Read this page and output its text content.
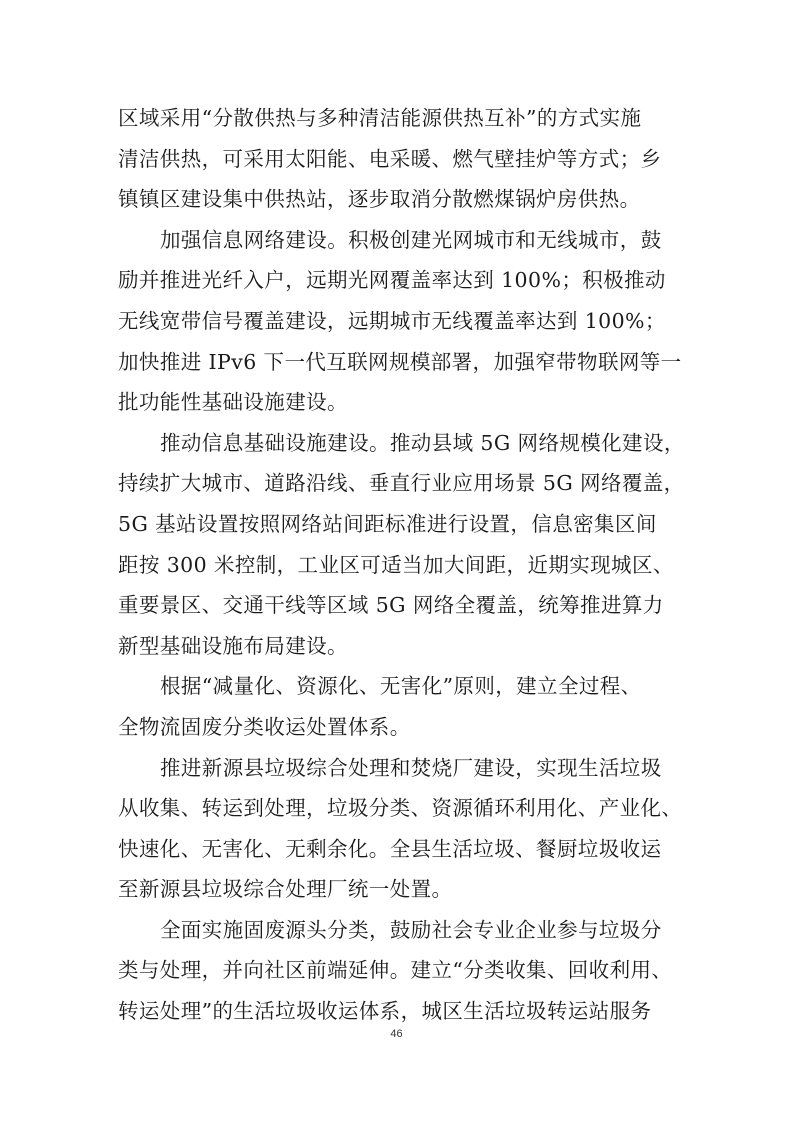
区域采用“分散供热与多种清洁能源供热互补”的方式实施
清洁供热，可采用太阳能、电采暖、燃气壁挂炉等方式；乡
镇镇区建设集中供热站，逐步取消分散燃煤锅炉房供热。

加强信息网络建设。积极创建光网城市和无线城市，鼓
励并推进光纤入户，远期光网覆盖率达到 100%；积极推动
无线宽带信号覆盖建设，远期城市无线覆盖率达到 100%；
加快推进 IPv6 下一代互联网规模部署，加强窄带物联网等一
批功能性基础设施建设。

推动信息基础设施建设。推动县域 5G 网络规模化建设，
持续扩大城市、道路沿线、垂直行业应用场景 5G 网络覆盖，
5G 基站设置按照网络站间距标准进行设置，信息密集区间
距按 300 米控制，工业区可适当加大间距，近期实现城区、
重要景区、交通干线等区域 5G 网络全覆盖，统筹推进算力
新型基础设施布局建设。

根据“减量化、资源化、无害化”原则，建立全过程、
全物流固废分类收运处置体系。

推进新源县垃圾综合处理和焚烧厂建设，实现生活垃圾
从收集、转运到处理，垃圾分类、资源循环利用化、产业化、
快速化、无害化、无剩余化。全县生活垃圾、餐厨垃圾收运
至新源县垃圾综合处理厂统一处置。

全面实施固废源头分类，鼓励社会专业企业参与垃圾分
类与处理，并向社区前端延伸。建立“分类收集、回收利用、
转运处理”的生活垃圾收运体系，城区生活垃圾转运站服务

46
